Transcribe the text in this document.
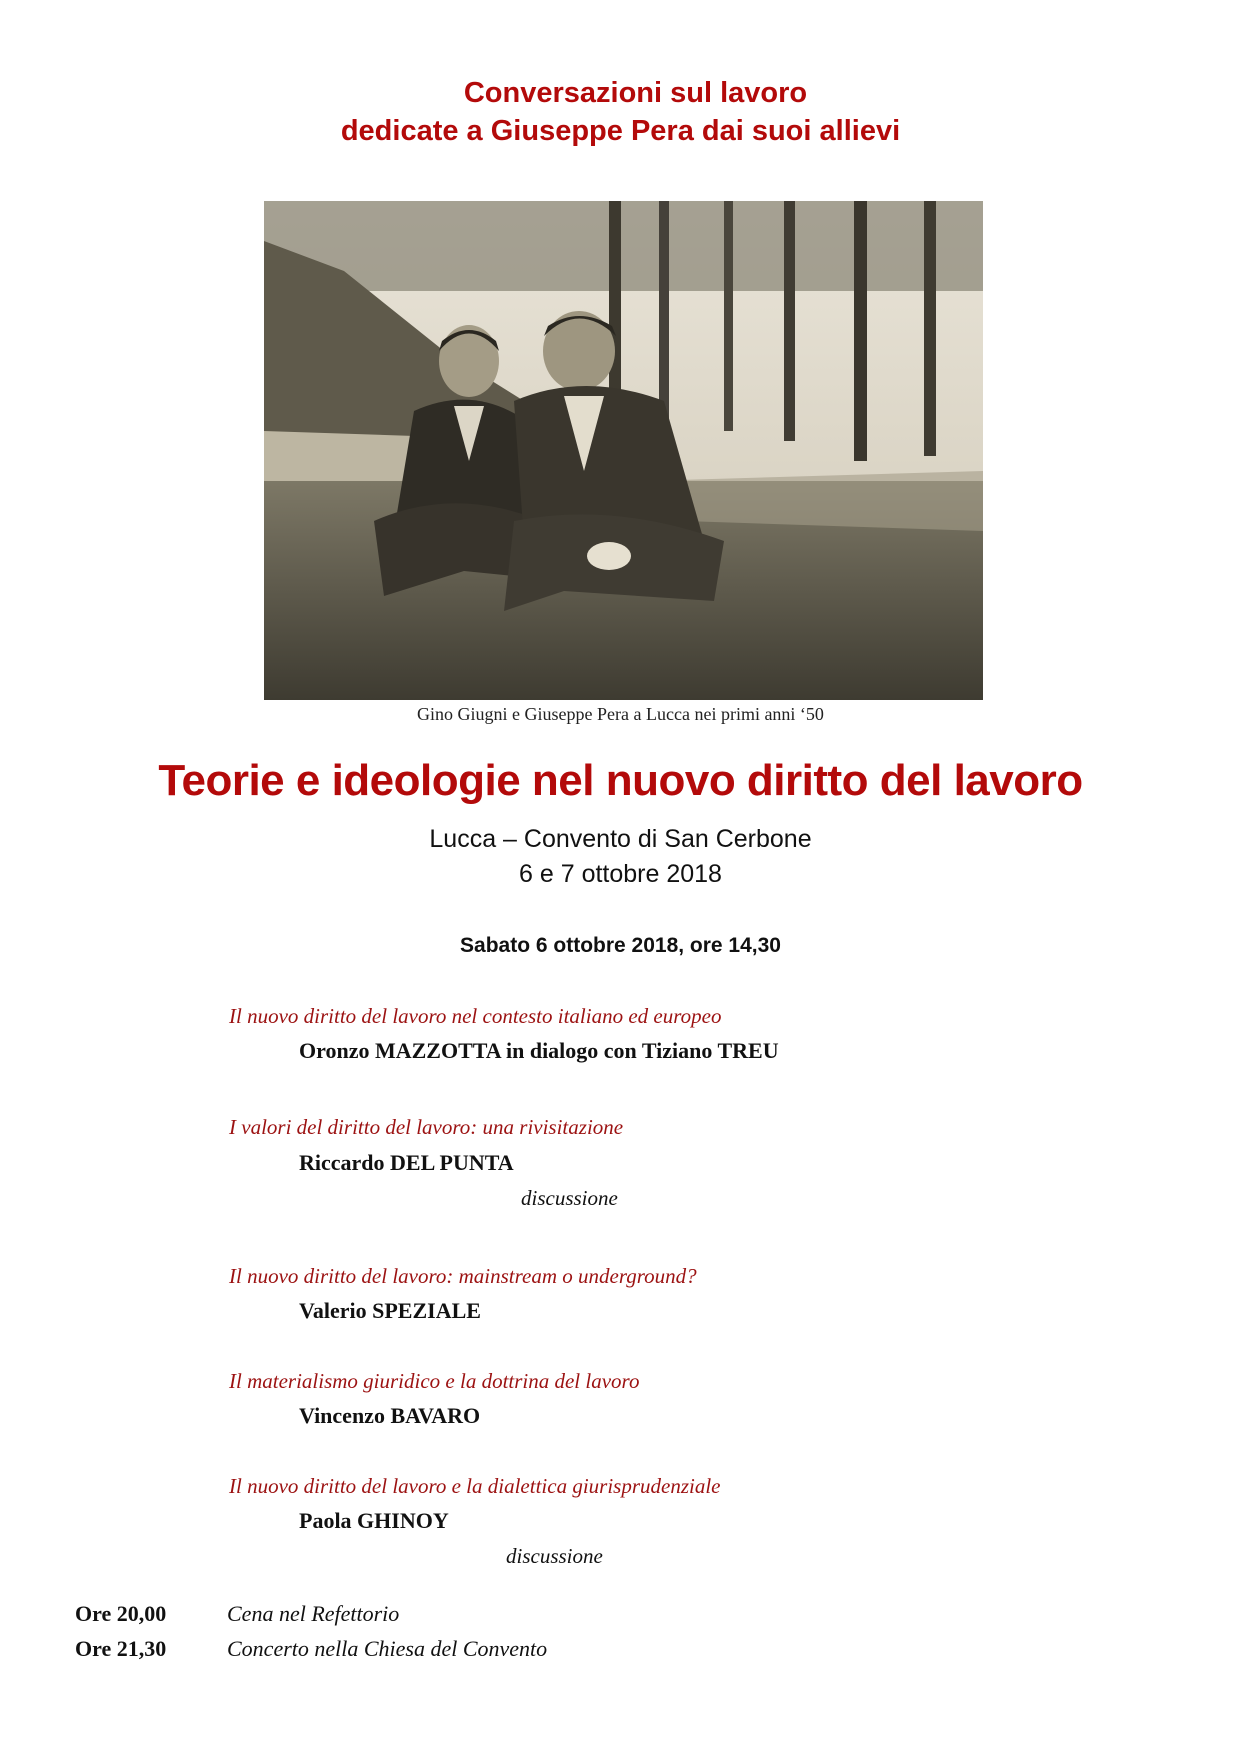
Conversazioni sul lavoro
dedicate a Giuseppe Pera dai suoi allievi
Gino Giugni e Giuseppe Pera a Lucca nei primi anni ‘50
Teorie e ideologie nel nuovo diritto del lavoro
Lucca – Convento di San Cerbone
6 e 7 ottobre 2018
Sabato 6 ottobre 2018, ore 14,30
Il nuovo diritto del lavoro nel contesto italiano ed europeo
Oronzo MAZZOTTA in dialogo con Tiziano TREU
I valori del diritto del lavoro: una rivisitazione
Riccardo DEL PUNTA
discussione
Il nuovo diritto del lavoro: mainstream o underground?
Valerio SPEZIALE
Il materialismo giuridico e la dottrina del lavoro
Vincenzo BAVARO
Il nuovo diritto del lavoro e la dialettica giurisprudenziale
Paola GHINOY
discussione
Ore 20,00	Cena nel Refettorio
Ore 21,30	Concerto nella Chiesa del Convento
